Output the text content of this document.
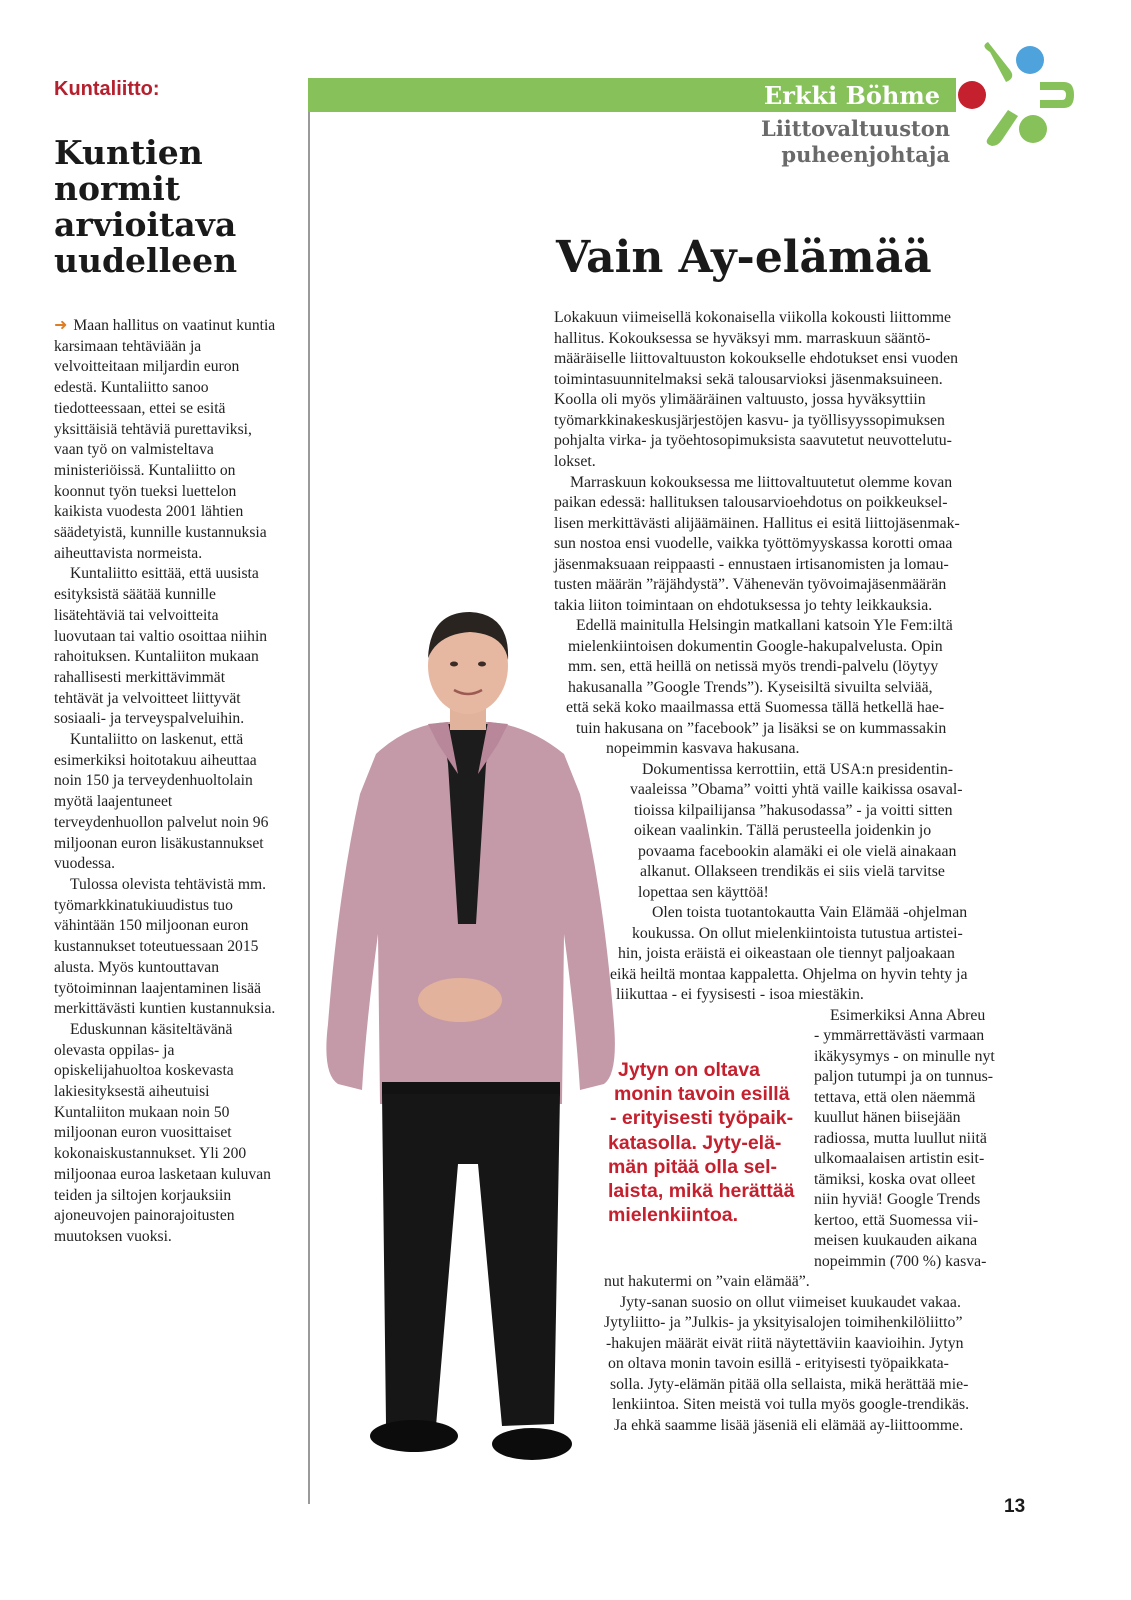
Kuntaliitto:
Kuntien
normit
arvioitava
uudelleen

➜ Maan hallitus on vaatinut kuntia karsimaan tehtäviään ja velvoitteitaan miljardin euron edestä. Kuntaliitto sanoo tiedotteessaan, ettei se esitä yksittäisiä tehtäviä purettaviksi, vaan työ on valmisteltava ministeriöissä. Kuntaliitto on koonnut työn tueksi luettelon kaikista vuodesta 2001 lähtien säädetyistä, kunnille kustannuksia aiheuttavista normeista.

Kuntaliitto esittää, että uusista esityksistä säätää kunnille lisätehtäviä tai velvoitteita luovutaan tai valtio osoittaa niihin rahoituksen. Kuntaliiton mukaan rahallisesti merkittävimmät tehtävät ja velvoitteet liittyvät sosiaali- ja terveyspalveluihin.

Kuntaliitto on laskenut, että esimerkiksi hoitotakuu aiheuttaa noin 150 ja terveydenhuoltolain myötä laajentuneet terveydenhuollon palvelut noin 96 miljoonan euron lisäkustannukset vuodessa.

Tulossa olevista tehtävistä mm. työmarkkinatukiuudistus tuo vähintään 150 miljoonan euron kustannukset toteutuessaan 2015 alusta. Myös kuntouttavan työtoiminnan laajentaminen lisää merkittävästi kuntien kustannuksia.

Eduskunnan käsiteltävänä olevasta oppilas- ja opiskelijahuoltoa koskevasta lakiesityksestä aiheutuisi Kuntaliiton mukaan noin 50 miljoonan euron vuosittaiset kokonaiskustannukset. Yli 200 miljoonaa euroa lasketaan kuluvan teiden ja siltojen korjauksiin ajoneuvojen painorajoitusten muutoksen vuoksi.

Erkki Böhme
Liittovaltuuston
puheenjohtaja
Vain Ay-elämää
Lokakuun viimeisellä kokonaisella viikolla kokousti liittomme
hallitus. Kokouksessa se hyväksyi mm. marraskuun sääntö-
määräiselle liittovaltuuston kokoukselle ehdotukset ensi vuoden
toimintasuunnitelmaksi sekä talousarvioksi jäsenmaksuineen.
Koolla oli myös ylimääräinen valtuusto, jossa hyväksyttiin
työmarkkinakeskusjärjestöjen kasvu- ja työllisyyssopimuksen
pohjalta virka- ja työehtosopimuksista saavutetut neuvottelutu-
lokset.
Marraskuun kokouksessa me liittovaltuutetut olemme kovan
paikan edessä: hallituksen talousarvioehdotus on poikkeuksel-
lisen merkittävästi alijäämäinen. Hallitus ei esitä liittojäsenmak-
sun nostoa ensi vuodelle, vaikka työttömyyskassa korotti omaa
jäsenmaksuaan reippaasti - ennustaen irtisanomisten ja lomau-
tusten määrän ”räjähdystä”. Vähenevän työvoimajäsenmäärän
takia liiton toimintaan on ehdotuksessa jo tehty leikkauksia.
Edellä mainitulla Helsingin matkallani katsoin Yle Fem:iltä
mielenkiintoisen dokumentin Google-hakupalvelusta. Opin
mm. sen, että heillä on netissä myös trendi-palvelu (löytyy
hakusanalla ”Google Trends”). Kyseisiltä sivuilta selviää,
että sekä koko maailmassa että Suomessa tällä hetkellä hae-
tuin hakusana on ”facebook” ja lisäksi se on kummassakin
nopeimmin kasvava hakusana.
Dokumentissa kerrottiin, että USA:n presidentin-
vaaleissa ”Obama” voitti yhtä vaille kaikissa osaval-
tioissa kilpailijansa ”hakusodassa” - ja voitti sitten
oikean vaalinkin. Tällä perusteella joidenkin jo
povaama facebookin alamäki ei ole vielä ainakaan
alkanut. Ollakseen trendikäs ei siis vielä tarvitse
lopettaa sen käyttöä!
Olen toista tuotantokautta Vain Elämää -ohjelman
koukussa. On ollut mielenkiintoista tutustua artistei-
hin, joista eräistä ei oikeastaan ole tiennyt paljoakaan
eikä heiltä montaa kappaletta. Ohjelma on hyvin tehty ja
liikuttaa - ei fyysisesti - isoa miestäkin.
Esimerkiksi Anna Abreu
- ymmärrettävästi varmaan
ikäkysymys - on minulle nyt
paljon tutumpi ja on tunnus-
tettava, että olen näemmä
kuullut hänen biisejään
radiossa, mutta luullut niitä
ulkomaalaisen artistin esit-
tämiksi, koska ovat olleet
niin hyviä! Google Trends
kertoo, että Suomessa vii-
meisen kuukauden aikana
nopeimmin (700 %) kasva-
nut hakutermi on ”vain elämää”.
Jyty-sanan suosio on ollut viimeiset kuukaudet vakaa.
Jytyliitto- ja ”Julkis- ja yksityisalojen toimihenkilöliitto”
-hakujen määrät eivät riitä näytettäviin kaavioihin. Jytyn
on oltava monin tavoin esillä - erityisesti työpaikkata-
solla. Jyty-elämän pitää olla sellaista, mikä herättää mie-
lenkiintoa. Siten meistä voi tulla myös google-trendikäs.
Ja ehkä saamme lisää jäseniä eli elämää ay-liittoomme.
Jytyn on oltava
monin tavoin esillä
- erityisesti työpaik-
katasolla. Jyty-elä-
män pitää olla sel-
laista, mikä herättää
mielenkiintoa.
13
